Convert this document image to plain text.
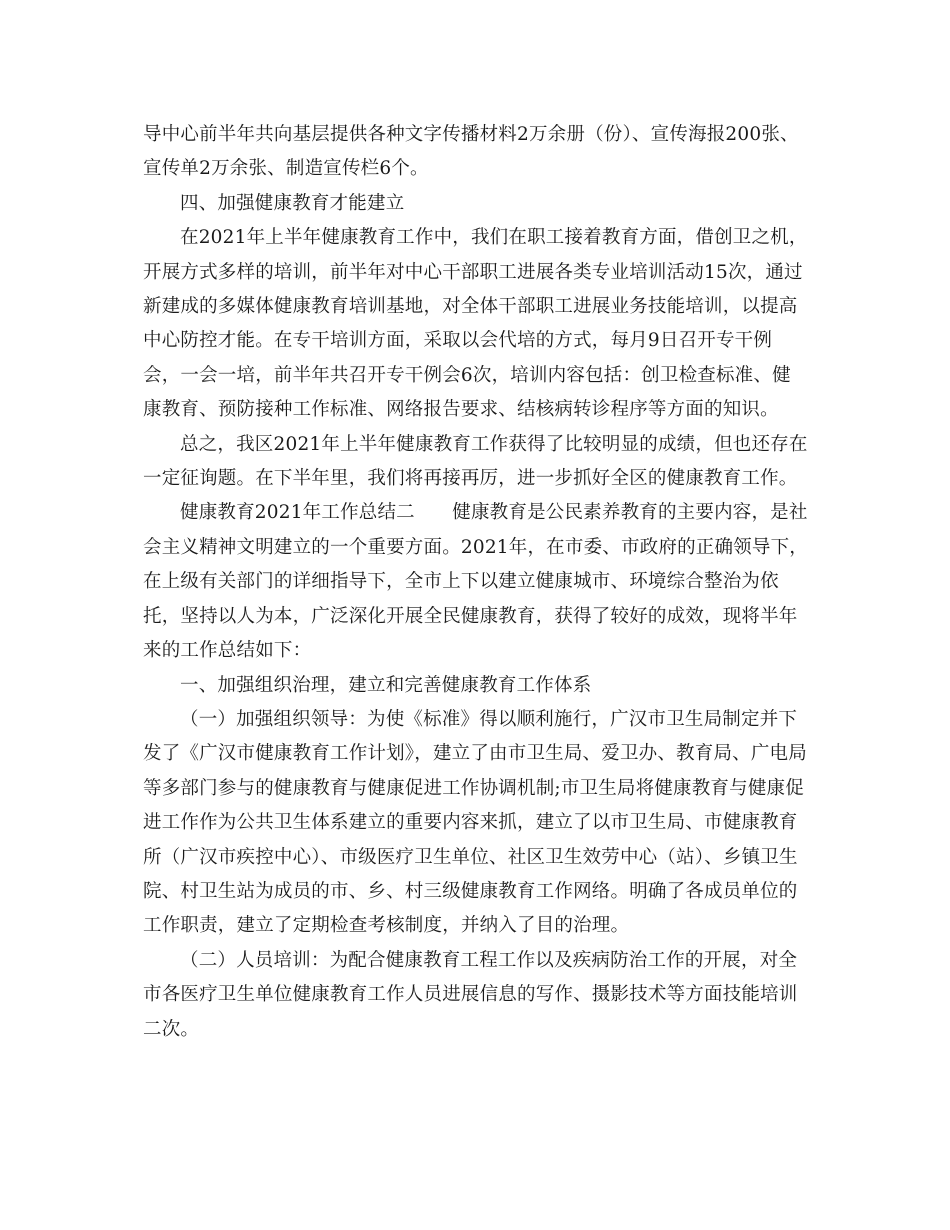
导中心前半年共向基层提供各种文字传播材料2万余册（份）、宣传海报200张、宣传单2万余张、制造宣传栏6个。

四、加强健康教育才能建立

在2021年上半年健康教育工作中，我们在职工接着教育方面，借创卫之机，开展方式多样的培训，前半年对中心干部职工进展各类专业培训活动15次，通过新建成的多媒体健康教育培训基地，对全体干部职工进展业务技能培训，以提高中心防控才能。在专干培训方面，采取以会代培的方式，每月9日召开专干例会，一会一培，前半年共召开专干例会6次，培训内容包括：创卫检查标准、健康教育、预防接种工作标准、网络报告要求、结核病转诊程序等方面的知识。

总之，我区2021年上半年健康教育工作获得了比较明显的成绩，但也还存在一定征询题。在下半年里，我们将再接再厉，进一步抓好全区的健康教育工作。

健康教育2021年工作总结二　　健康教育是公民素养教育的主要内容，是社会主义精神文明建立的一个重要方面。2021年，在市委、市政府的正确领导下，在上级有关部门的详细指导下，全市上下以建立健康城市、环境综合整治为依托，坚持以人为本，广泛深化开展全民健康教育，获得了较好的成效，现将半年来的工作总结如下：

一、加强组织治理，建立和完善健康教育工作体系

（一）加强组织领导：为使《标准》得以顺利施行，广汉市卫生局制定并下发了《广汉市健康教育工作计划》，建立了由市卫生局、爱卫办、教育局、广电局等多部门参与的健康教育与健康促进工作协调机制;市卫生局将健康教育与健康促进工作作为公共卫生体系建立的重要内容来抓，建立了以市卫生局、市健康教育所（广汉市疾控中心）、市级医疗卫生单位、社区卫生效劳中心（站）、乡镇卫生院、村卫生站为成员的市、乡、村三级健康教育工作网络。明确了各成员单位的工作职责，建立了定期检查考核制度，并纳入了目的治理。

（二）人员培训：为配合健康教育工程工作以及疾病防治工作的开展，对全市各医疗卫生单位健康教育工作人员进展信息的写作、摄影技术等方面技能培训二次。
